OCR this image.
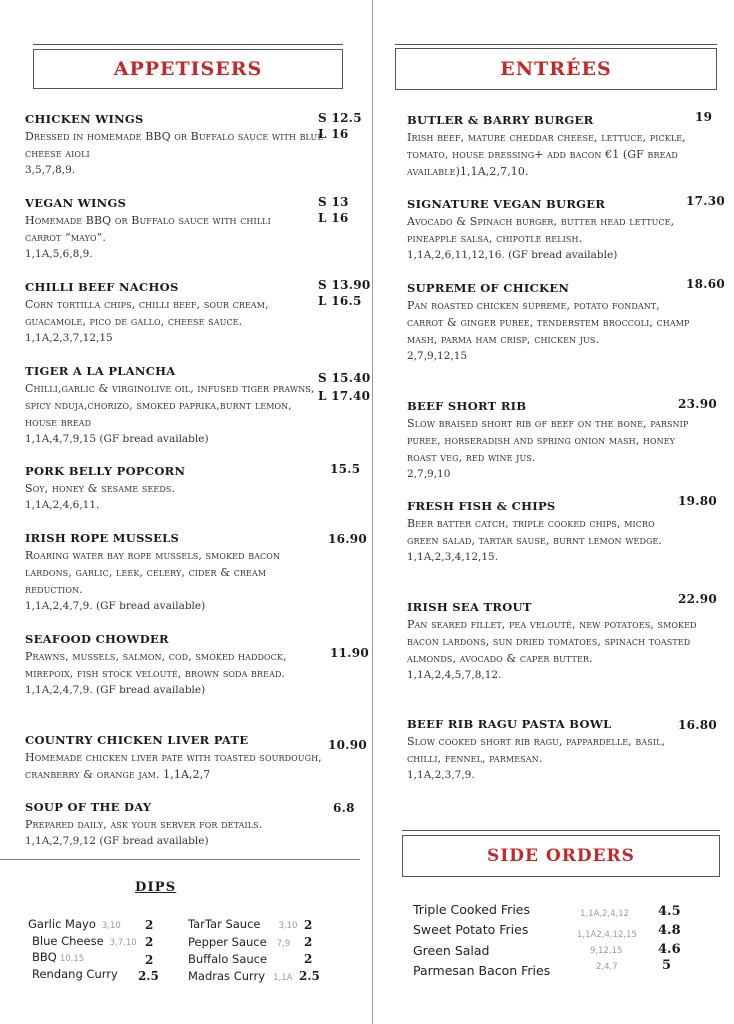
APPETISERS	ENTRÉES
CHICKEN WINGS
Dressed in homemade BBQ or Buffalo sauce with blue cheese aioli
3,5,7,8,9.
S 12.5
L 16
VEGAN WINGS
Homemade BBQ or Buffalo sauce with chilli carrot “mayo”.
1,1A,5,6,8,9.
S 13
L 16
CHILLI BEEF NACHOS
Corn tortilla chips, chilli beef, sour cream, guacamole, pico de gallo, cheese sauce.
1,1A,2,3,7,12,15
S 13.90
L 16.5
TIGER A LA PLANCHA
Chilli,garlic & virginolive oil, infused tiger prawns, spicy nduja,chorizo, smoked paprika,burnt lemon, house bread
1,1A,4,7,9,15 (GF bread available)
S 15.40
L 17.40
PORK BELLY POPCORN
Soy, honey & sesame seeds.
1,1A,2,4,6,11.
15.5
IRISH ROPE MUSSELS
Roaring water bay rope mussels, smoked bacon lardons, garlic, leek, celery, cider & cream reduction.
1,1A,2,4,7,9. (GF bread available)
16.90
SEAFOOD CHOWDER
Prawns, mussels, salmon, cod, smoked haddock, mirepoix, fish stock velouté, brown soda bread.
1,1A,2,4,7,9. (GF bread available)
11.90
COUNTRY CHICKEN LIVER PATE
Homemade chicken liver pate with toasted sourdough, cranberry & orange jam. 1,1A,2,7
10.90
SOUP OF THE DAY
Prepared daily, ask your server for details.
1,1A,2,7,9,12 (GF bread available)
6.8
BUTLER & BARRY BURGER
Irish beef, mature cheddar cheese, lettuce, pickle, tomato, house dressing+ add bacon €1 (GF bread available)1,1A,2,7,10.
19
SIGNATURE VEGAN BURGER
Avocado & Spinach burger, butter head lettuce, pineapple salsa, chipotle relish.
1,1A,2,6,11,12,16. (GF bread available)
17.30
SUPREME OF CHICKEN
Pan roasted chicken supreme, potato fondant, carrot & ginger puree, tenderstem broccoli, champ mash, parma ham crisp, chicken jus.
2,7,9,12,15
18.60
BEEF SHORT RIB
Slow braised short rib of beef on the bone, parsnip puree, horseradish and spring onion mash, honey roast veg, red wine jus.
2,7,9,10
23.90
FRESH FISH & CHIPS
Beer batter catch, triple cooked chips, micro green salad, tartar sause, burnt lemon wedge.
1,1A,2,3,4,12,15.
19.80
IRISH SEA TROUT
Pan seared fillet, pea velouté, new potatoes, smoked bacon lardons, sun dried tomatoes, spinach toasted almonds, avocado & caper butter.
1,1A,2,4,5,7,8,12.
22.90
BEEF RIB RAGU PASTA BOWL
Slow cooked short rib ragu, pappardelle, basil, chilli, fennel, parmesan.
1,1A,2,3,7,9.
16.80
DIPS
Garlic Mayo 3,10 2
Blue Cheese 3,7,10 2
BBQ 10,15	2
Rendang Curry 2.5
TarTar Sauce 3,10 2
Pepper Sauce 7,9 2
Buffalo Sauce	2
Madras Curry 1,1A 2.5
SIDE ORDERS
Triple Cooked Fries	1,1A,2,4,12 4.5
Sweet Potato Fries	1,1A2,4,12,15 4.8
Green Salad	9,12,15	4.6
Parmesan Bacon Fries	2,4,7	5
